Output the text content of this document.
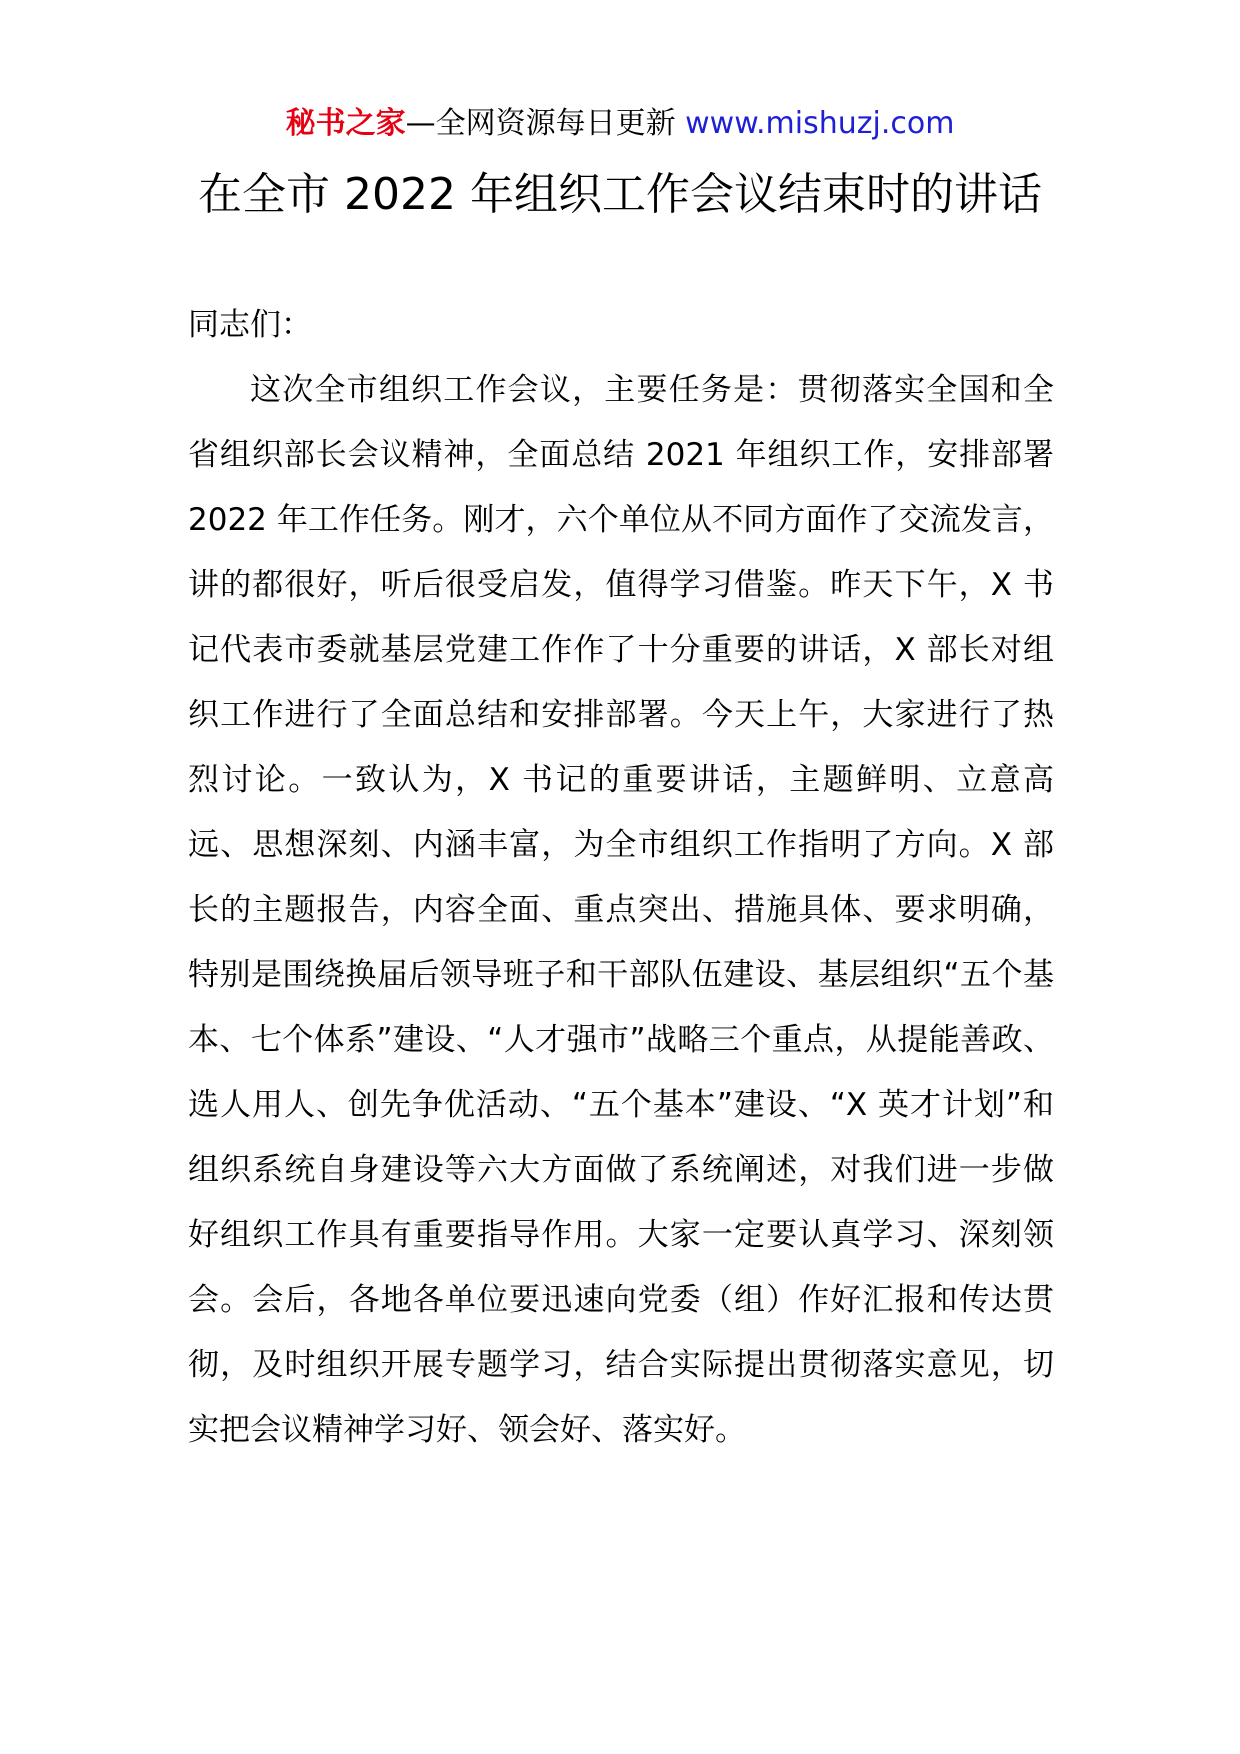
秘书之家—全网资源每日更新 www.mishuzj.com
在全市 2022 年组织工作会议结束时的讲话

同志们：

这次全市组织工作会议，主要任务是：贯彻落实全国和全省组织部长会议精神，全面总结 2021 年组织工作，安排部署 2022 年工作任务。刚才，六个单位从不同方面作了交流发言，讲的都很好，听后很受启发，值得学习借鉴。昨天下午，X 书记代表市委就基层党建工作作了十分重要的讲话，X 部长对组织工作进行了全面总结和安排部署。今天上午，大家进行了热烈讨论。一致认为，X 书记的重要讲话，主题鲜明、立意高远、思想深刻、内涵丰富，为全市组织工作指明了方向。X 部长的主题报告，内容全面、重点突出、措施具体、要求明确，特别是围绕换届后领导班子和干部队伍建设、基层组织“五个基本、七个体系”建设、“人才强市”战略三个重点，从提能善政、选人用人、创先争优活动、“五个基本”建设、“X 英才计划”和组织系统自身建设等六大方面做了系统阐述，对我们进一步做好组织工作具有重要指导作用。大家一定要认真学习、深刻领会。会后，各地各单位要迅速向党委（组）作好汇报和传达贯彻，及时组织开展专题学习，结合实际提出贯彻落实意见，切实把会议精神学习好、领会好、落实好。
